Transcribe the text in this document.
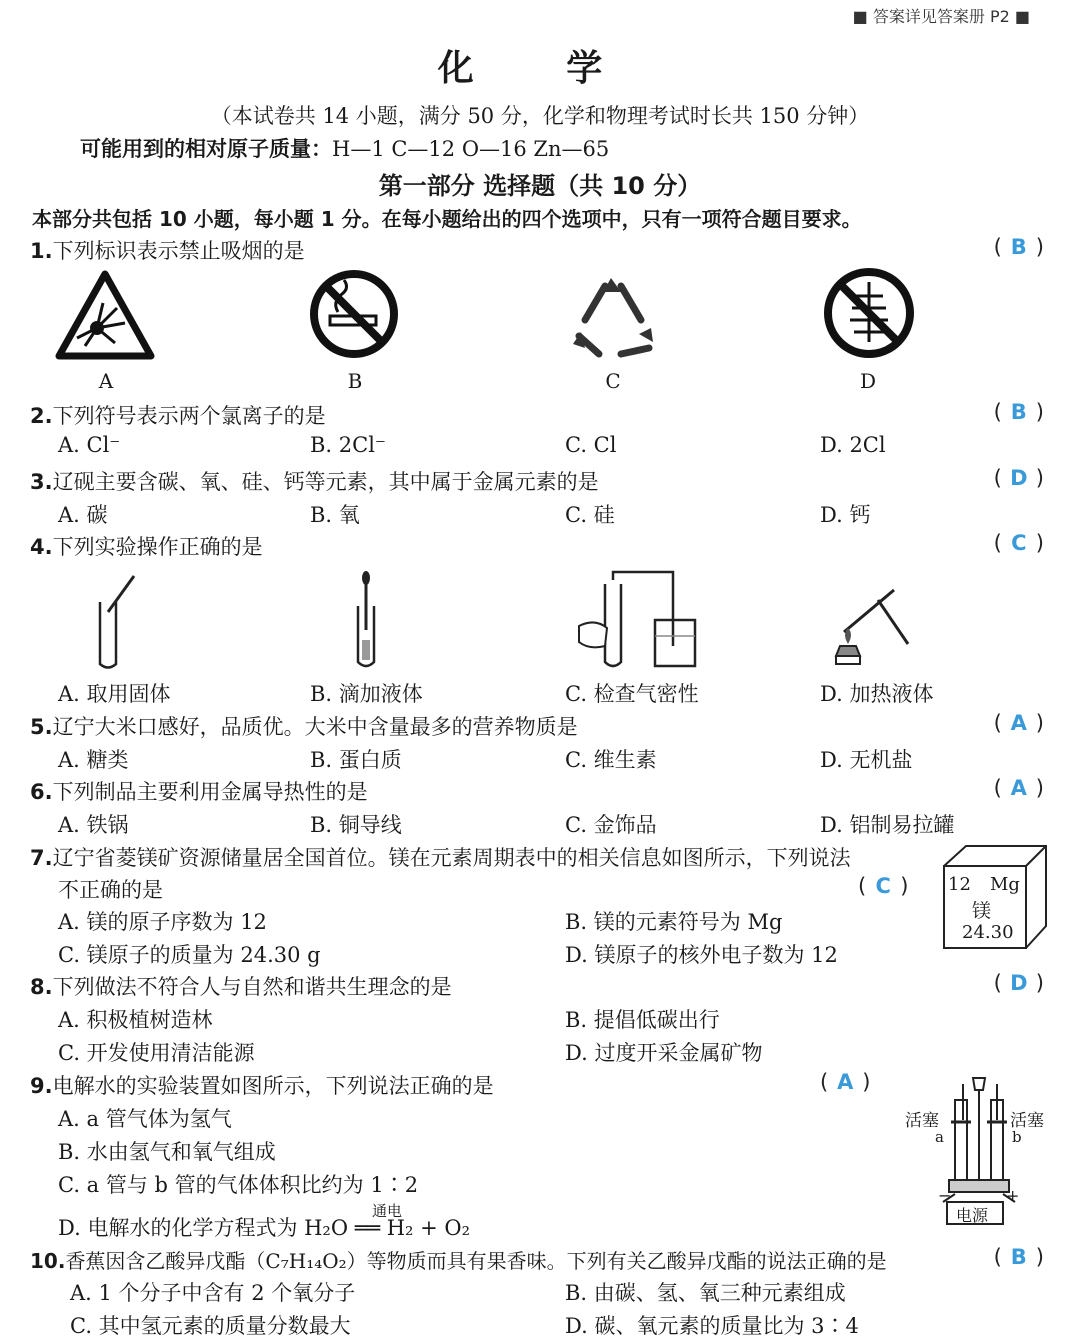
■ 答案详见答案册 P2 ■
化 学
（本试卷共 14 小题，满分 50 分，化学和物理考试时长共 150 分钟）
可能用到的相对原子质量：H—1 C—12 O—16 Zn—65
第一部分 选择题（共 10 分）
本部分共包括 10 小题，每小题 1 分。在每小题给出的四个选项中，只有一项符合题目要求。
1.下列标识表示禁止吸烟的是	( B )
A	B	C	D
2.下列符号表示两个氯离子的是	( B )
A. Cl⁻	B. 2Cl⁻	C. Cl	D. 2Cl
3.辽砚主要含碳、氧、硅、钙等元素，其中属于金属元素的是	( D )
A. 碳	B. 氧	C. 硅	D. 钙
4.下列实验操作正确的是	( C )
A. 取用固体	B. 滴加液体	C. 检查气密性	D. 加热液体
5.辽宁大米口感好，品质优。大米中含量最多的营养物质是	( A )
A. 糖类	B. 蛋白质	C. 维生素	D. 无机盐
6.下列制品主要利用金属导热性的是	( A )
A. 铁锅	B. 铜导线	C. 金饰品	D. 铝制易拉罐
7.辽宁省菱镁矿资源储量居全国首位。镁在元素周期表中的相关信息如图所示，下列说法
不正确的是	( C )
A. 镁的原子序数为 12	B. 镁的元素符号为 Mg
C. 镁原子的质量为 24.30 g	D. 镁原子的核外电子数为 12
12 Mg
镁
24.30
8.下列做法不符合人与自然和谐共生理念的是	( D )
A. 积极植树造林	B. 提倡低碳出行
C. 开发使用清洁能源	D. 过度开采金属矿物
9.电解水的实验装置如图所示，下列说法正确的是	( A )
A. a 管气体为氢气
B. 水由氢气和氧气组成
C. a 管与 b 管的气体体积比约为 1∶2
通电
D. 电解水的化学方程式为 H₂O ══ H₂ + O₂
活塞	活塞
a	b
−	+
电源
10.香蕉因含乙酸异戊酯（C₇H₁₄O₂）等物质而具有果香味。下列有关乙酸异戊酯的说法正确的是	( B )
A. 1 个分子中含有 2 个氧分子	B. 由碳、氢、氧三种元素组成
C. 其中氢元素的质量分数最大	D. 碳、氧元素的质量比为 3∶4
